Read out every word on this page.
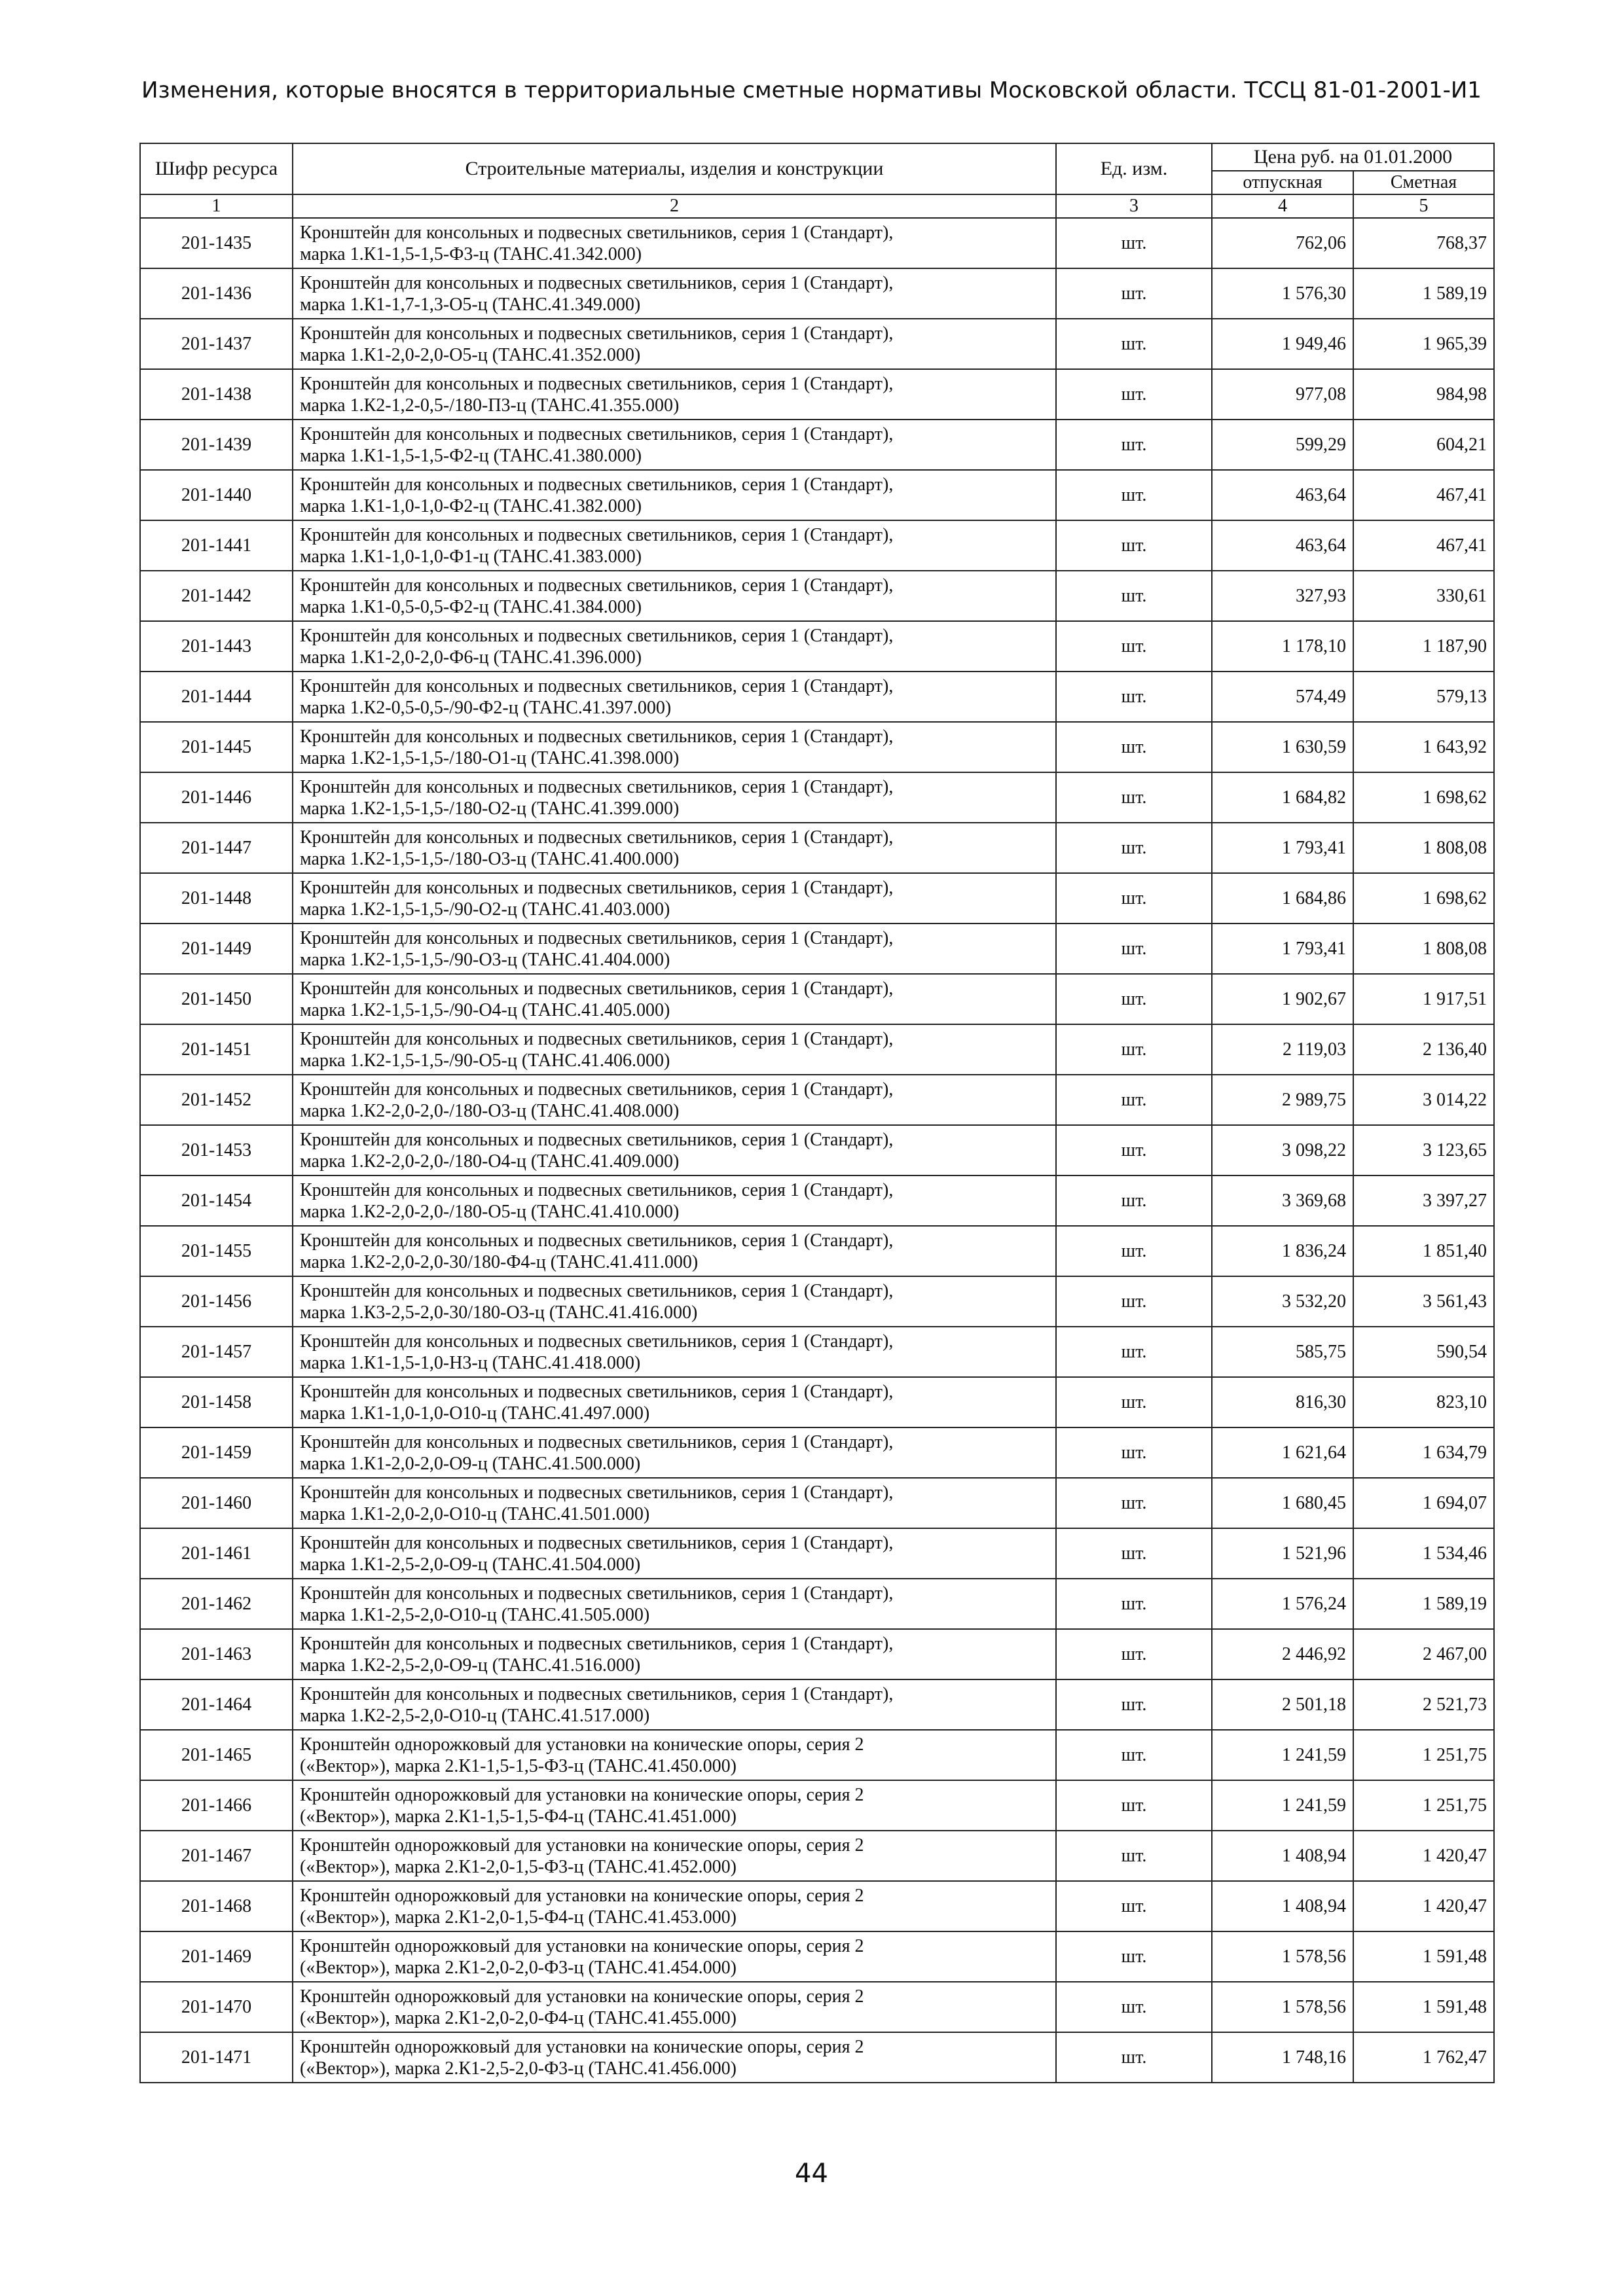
Изменения, которые вносятся в территориальные сметные нормативы Московской области. ТССЦ 81-01-2001-И1
Шифр ресурса	Строительные материалы, изделия и конструкции	Ед. изм.	Цена руб. на 01.01.2000	
			отпускная	Сметная
1	2	3	4	5
201-1435	Кронштейн для консольных и подвесных светильников, серия 1 (Стандарт),
марка 1.К1-1,5-1,5-Ф3-ц (ТАНС.41.342.000)	шт.	762,06	768,37
201-1436	Кронштейн для консольных и подвесных светильников, серия 1 (Стандарт),
марка 1.К1-1,7-1,3-О5-ц (ТАНС.41.349.000)	шт.	1 576,30	1 589,19
201-1437	Кронштейн для консольных и подвесных светильников, серия 1 (Стандарт),
марка 1.К1-2,0-2,0-О5-ц (ТАНС.41.352.000)	шт.	1 949,46	1 965,39
201-1438	Кронштейн для консольных и подвесных светильников, серия 1 (Стандарт),
марка 1.К2-1,2-0,5-/180-П3-ц (ТАНС.41.355.000)	шт.	977,08	984,98
201-1439	Кронштейн для консольных и подвесных светильников, серия 1 (Стандарт),
марка 1.К1-1,5-1,5-Ф2-ц (ТАНС.41.380.000)	шт.	599,29	604,21
201-1440	Кронштейн для консольных и подвесных светильников, серия 1 (Стандарт),
марка 1.К1-1,0-1,0-Ф2-ц (ТАНС.41.382.000)	шт.	463,64	467,41
201-1441	Кронштейн для консольных и подвесных светильников, серия 1 (Стандарт),
марка 1.К1-1,0-1,0-Ф1-ц (ТАНС.41.383.000)	шт.	463,64	467,41
201-1442	Кронштейн для консольных и подвесных светильников, серия 1 (Стандарт),
марка 1.К1-0,5-0,5-Ф2-ц (ТАНС.41.384.000)	шт.	327,93	330,61
201-1443	Кронштейн для консольных и подвесных светильников, серия 1 (Стандарт),
марка 1.К1-2,0-2,0-Ф6-ц (ТАНС.41.396.000)	шт.	1 178,10	1 187,90
201-1444	Кронштейн для консольных и подвесных светильников, серия 1 (Стандарт),
марка 1.К2-0,5-0,5-/90-Ф2-ц (ТАНС.41.397.000)	шт.	574,49	579,13
201-1445	Кронштейн для консольных и подвесных светильников, серия 1 (Стандарт),
марка 1.К2-1,5-1,5-/180-О1-ц (ТАНС.41.398.000)	шт.	1 630,59	1 643,92
201-1446	Кронштейн для консольных и подвесных светильников, серия 1 (Стандарт),
марка 1.К2-1,5-1,5-/180-О2-ц (ТАНС.41.399.000)	шт.	1 684,82	1 698,62
201-1447	Кронштейн для консольных и подвесных светильников, серия 1 (Стандарт),
марка 1.К2-1,5-1,5-/180-О3-ц (ТАНС.41.400.000)	шт.	1 793,41	1 808,08
201-1448	Кронштейн для консольных и подвесных светильников, серия 1 (Стандарт),
марка 1.К2-1,5-1,5-/90-О2-ц (ТАНС.41.403.000)	шт.	1 684,86	1 698,62
201-1449	Кронштейн для консольных и подвесных светильников, серия 1 (Стандарт),
марка 1.К2-1,5-1,5-/90-О3-ц (ТАНС.41.404.000)	шт.	1 793,41	1 808,08
201-1450	Кронштейн для консольных и подвесных светильников, серия 1 (Стандарт),
марка 1.К2-1,5-1,5-/90-О4-ц (ТАНС.41.405.000)	шт.	1 902,67	1 917,51
201-1451	Кронштейн для консольных и подвесных светильников, серия 1 (Стандарт),
марка 1.К2-1,5-1,5-/90-О5-ц (ТАНС.41.406.000)	шт.	2 119,03	2 136,40
201-1452	Кронштейн для консольных и подвесных светильников, серия 1 (Стандарт),
марка 1.К2-2,0-2,0-/180-О3-ц (ТАНС.41.408.000)	шт.	2 989,75	3 014,22
201-1453	Кронштейн для консольных и подвесных светильников, серия 1 (Стандарт),
марка 1.К2-2,0-2,0-/180-О4-ц (ТАНС.41.409.000)	шт.	3 098,22	3 123,65
201-1454	Кронштейн для консольных и подвесных светильников, серия 1 (Стандарт),
марка 1.К2-2,0-2,0-/180-О5-ц (ТАНС.41.410.000)	шт.	3 369,68	3 397,27
201-1455	Кронштейн для консольных и подвесных светильников, серия 1 (Стандарт),
марка 1.К2-2,0-2,0-30/180-Ф4-ц (ТАНС.41.411.000)	шт.	1 836,24	1 851,40
201-1456	Кронштейн для консольных и подвесных светильников, серия 1 (Стандарт),
марка 1.К3-2,5-2,0-30/180-О3-ц (ТАНС.41.416.000)	шт.	3 532,20	3 561,43
201-1457	Кронштейн для консольных и подвесных светильников, серия 1 (Стандарт),
марка 1.К1-1,5-1,0-Н3-ц (ТАНС.41.418.000)	шт.	585,75	590,54
201-1458	Кронштейн для консольных и подвесных светильников, серия 1 (Стандарт),
марка 1.К1-1,0-1,0-О10-ц (ТАНС.41.497.000)	шт.	816,30	823,10
201-1459	Кронштейн для консольных и подвесных светильников, серия 1 (Стандарт),
марка 1.К1-2,0-2,0-О9-ц (ТАНС.41.500.000)	шт.	1 621,64	1 634,79
201-1460	Кронштейн для консольных и подвесных светильников, серия 1 (Стандарт),
марка 1.К1-2,0-2,0-О10-ц (ТАНС.41.501.000)	шт.	1 680,45	1 694,07
201-1461	Кронштейн для консольных и подвесных светильников, серия 1 (Стандарт),
марка 1.К1-2,5-2,0-О9-ц (ТАНС.41.504.000)	шт.	1 521,96	1 534,46
201-1462	Кронштейн для консольных и подвесных светильников, серия 1 (Стандарт),
марка 1.К1-2,5-2,0-О10-ц (ТАНС.41.505.000)	шт.	1 576,24	1 589,19
201-1463	Кронштейн для консольных и подвесных светильников, серия 1 (Стандарт),
марка 1.К2-2,5-2,0-О9-ц (ТАНС.41.516.000)	шт.	2 446,92	2 467,00
201-1464	Кронштейн для консольных и подвесных светильников, серия 1 (Стандарт),
марка 1.К2-2,5-2,0-О10-ц (ТАНС.41.517.000)	шт.	2 501,18	2 521,73
201-1465	Кронштейн однорожковый для установки на конические опоры, серия 2
(«Вектор»), марка 2.К1-1,5-1,5-Ф3-ц (ТАНС.41.450.000)	шт.	1 241,59	1 251,75
201-1466	Кронштейн однорожковый для установки на конические опоры, серия 2
(«Вектор»), марка 2.К1-1,5-1,5-Ф4-ц (ТАНС.41.451.000)	шт.	1 241,59	1 251,75
201-1467	Кронштейн однорожковый для установки на конические опоры, серия 2
(«Вектор»), марка 2.К1-2,0-1,5-Ф3-ц (ТАНС.41.452.000)	шт.	1 408,94	1 420,47
201-1468	Кронштейн однорожковый для установки на конические опоры, серия 2
(«Вектор»), марка 2.К1-2,0-1,5-Ф4-ц (ТАНС.41.453.000)	шт.	1 408,94	1 420,47
201-1469	Кронштейн однорожковый для установки на конические опоры, серия 2
(«Вектор»), марка 2.К1-2,0-2,0-Ф3-ц (ТАНС.41.454.000)	шт.	1 578,56	1 591,48
201-1470	Кронштейн однорожковый для установки на конические опоры, серия 2
(«Вектор»), марка 2.К1-2,0-2,0-Ф4-ц (ТАНС.41.455.000)	шт.	1 578,56	1 591,48
201-1471	Кронштейн однорожковый для установки на конические опоры, серия 2
(«Вектор»), марка 2.К1-2,5-2,0-Ф3-ц (ТАНС.41.456.000)	шт.	1 748,16	1 762,47
44
